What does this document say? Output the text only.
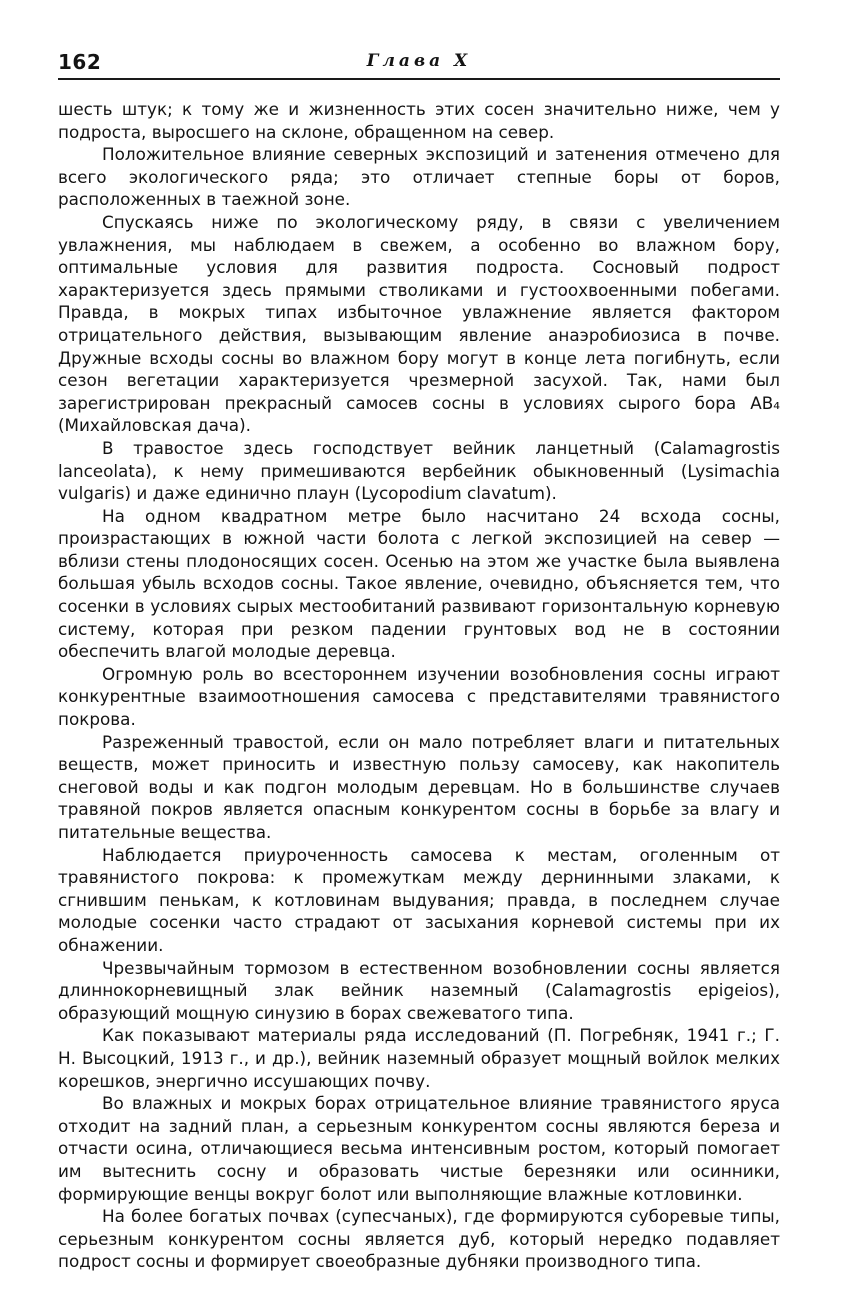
162	Глава X

шесть штук; к тому же и жизненность этих сосен значительно ниже, чем у подроста, выросшего на склоне, обращенном на север.

Положительное влияние северных экспозиций и затенения отмечено для всего экологического ряда; это отличает степные боры от боров, расположенных в таежной зоне.

Спускаясь ниже по экологическому ряду, в связи с увеличением увлажнения, мы наблюдаем в свежем, а особенно во влажном бору, оптимальные условия для развития подроста. Сосновый подрост характеризуется здесь прямыми стволиками и густоохвоенными побегами. Правда, в мокрых типах избыточное увлажнение является фактором отрицательного действия, вызывающим явление анаэробиозиса в почве. Дружные всходы сосны во влажном бору могут в конце лета погибнуть, если сезон вегетации характеризуется чрезмерной засухой. Так, нами был зарегистрирован прекрасный самосев сосны в условиях сырого бора АВ₄ (Михайловская дача).

В травостое здесь господствует вейник ланцетный (Calamagrostis lanceolata), к нему примешиваются вербейник обыкновенный (Lysimachia vulgaris) и даже единично плаун (Lycopodium clavatum).

На одном квадратном метре было насчитано 24 всхода сосны, произрастающих в южной части болота с легкой экспозицией на север — вблизи стены плодоносящих сосен. Осенью на этом же участке была выявлена большая убыль всходов сосны. Такое явление, очевидно, объясняется тем, что сосенки в условиях сырых местообитаний развивают горизонтальную корневую систему, которая при резком падении грунтовых вод не в состоянии обеспечить влагой молодые деревца.

Огромную роль во всестороннем изучении возобновления сосны играют конкурентные взаимоотношения самосева с представителями травянистого покрова.

Разреженный травостой, если он мало потребляет влаги и питательных веществ, может приносить и известную пользу самосеву, как накопитель снеговой воды и как подгон молодым деревцам. Но в большинстве случаев травяной покров является опасным конкурентом сосны в борьбе за влагу и питательные вещества.

Наблюдается приуроченность самосева к местам, оголенным от травянистого покрова: к промежуткам между дернинными злаками, к сгнившим пенькам, к котловинам выдувания; правда, в последнем случае молодые сосенки часто страдают от засыхания корневой системы при их обнажении.

Чрезвычайным тормозом в естественном возобновлении сосны является длиннокорневищный злак вейник наземный (Calamagrostis epigeios), образующий мощную синузию в борах свежеватого типа.

Как показывают материалы ряда исследований (П. Погребняк, 1941 г.; Г. Н. Высоцкий, 1913 г., и др.), вейник наземный образует мощный войлок мелких корешков, энергично иссушающих почву.

Во влажных и мокрых борах отрицательное влияние травянистого яруса отходит на задний план, а серьезным конкурентом сосны являются береза и отчасти осина, отличающиеся весьма интенсивным ростом, который помогает им вытеснить сосну и образовать чистые березняки или осинники, формирующие венцы вокруг болот или выполняющие влажные котловинки.

На более богатых почвах (супесчаных), где формируются суборевые типы, серьезным конкурентом сосны является дуб, который нередко подавляет подрост сосны и формирует своеобразные дубняки производного типа.
